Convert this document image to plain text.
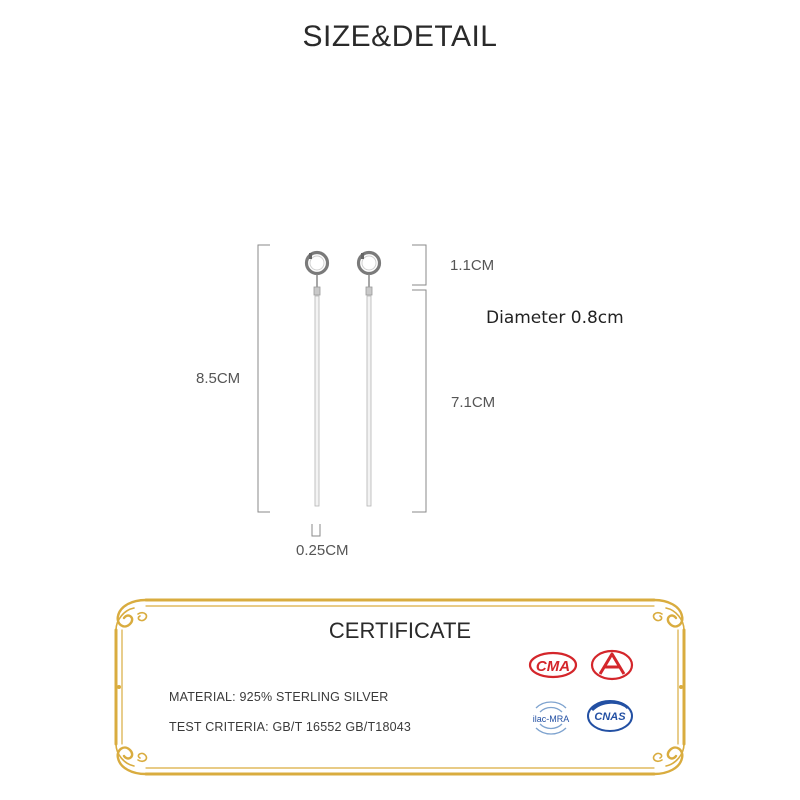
SIZE&DETAIL
8.5CM
1.1CM
7.1CM
0.25CM
Diameter 0.8cm
CERTIFICATE
MATERIAL: 925% STERLING SILVER
TEST CRITERIA: GB/T 16552 GB/T18043
CMA
ilac-MRA CNAS
